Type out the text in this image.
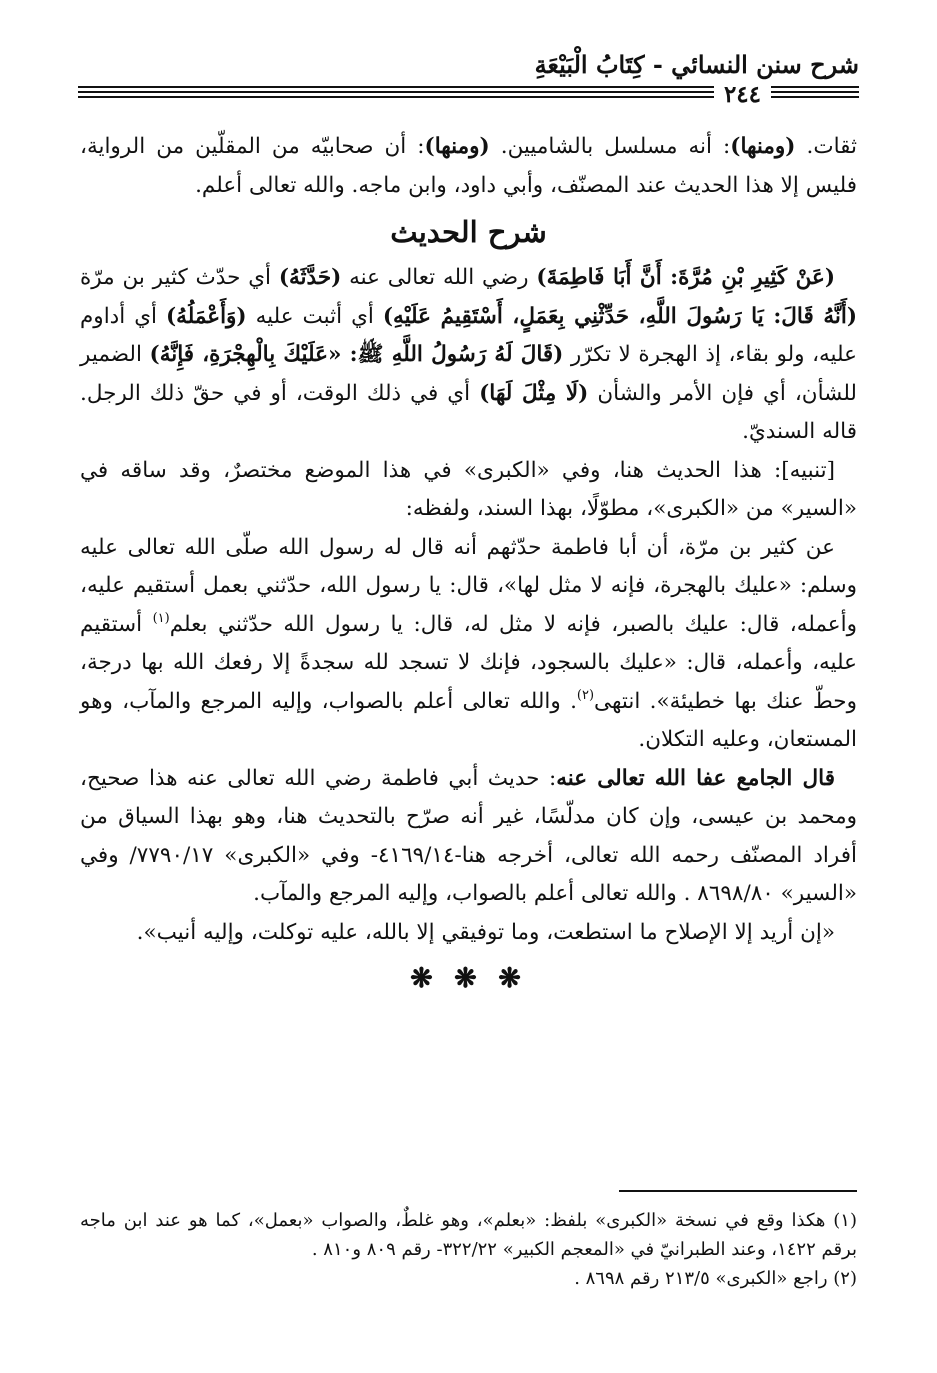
شرح سنن النسائي - كِتَابُ الْبَيْعَةِ
٢٤٤

ثقات. (ومنها): أنه مسلسل بالشاميين. (ومنها): أن صحابيّه من المقلّين من الرواية، فليس إلا هذا الحديث عند المصنّف، وأبي داود، وابن ماجه. والله تعالى أعلم.

شرح الحديث

(عَنْ كَثِيرِ بْنِ مُرَّةَ: أَنَّ أَبَا فَاطِمَةَ) رضي الله تعالى عنه (حَدَّثَهُ) أي حدّث كثير بن مرّة (أَنَّهُ قَالَ: يَا رَسُولَ اللَّهِ، حَدِّثْنِي بِعَمَلٍ، أَسْتَقِيمُ عَلَيْهِ) أي أثبت عليه (وَأَعْمَلُهُ) أي أداوم عليه، ولو بقاء، إذ الهجرة لا تكرّر (قَالَ لَهُ رَسُولُ اللَّهِ ﷺ: «عَلَيْكَ بِالْهِجْرَةِ، فَإِنَّهُ) الضمير للشأن، أي فإن الأمر والشأن (لَا مِثْلَ لَهَا) أي في ذلك الوقت، أو في حقّ ذلك الرجل. قاله السنديّ.

[تنبيه]: هذا الحديث هنا، وفي «الكبرى» في هذا الموضع مختصرٌ، وقد ساقه في «السير» من «الكبرى»، مطوّلًا، بهذا السند، ولفظه:

عن كثير بن مرّة، أن أبا فاطمة حدّثهم أنه قال له رسول الله صلّى الله تعالى عليه وسلم: «عليك بالهجرة، فإنه لا مثل لها»، قال: يا رسول الله، حدّثني بعمل أستقيم عليه، وأعمله، قال: عليك بالصبر، فإنه لا مثل له، قال: يا رسول الله حدّثني بعلم$^{(١)}$ أستقيم عليه، وأعمله، قال: «عليك بالسجود، فإنك لا تسجد لله سجدةً إلا رفعك الله بها درجة، وحطّ عنك بها خطيئة». انتهى$^{(٢)}$. والله تعالى أعلم بالصواب، وإليه المرجع والمآب، وهو المستعان، وعليه التكلان.

قال الجامع عفا الله تعالى عنه: حديث أبي فاطمة رضي الله تعالى عنه هذا صحيح، ومحمد بن عيسى، وإن كان مدلّسًا، غير أنه صرّح بالتحديث هنا، وهو بهذا السياق من أفراد المصنّف رحمه الله تعالى، أخرجه هنا-٤١٦٩/١٤- وفي «الكبرى» ٧٧٩٠/١٧/ وفي «السير» ٨٦٩٨/٨٠ . والله تعالى أعلم بالصواب، وإليه المرجع والمآب.

«إن أريد إلا الإصلاح ما استطعت، وما توفيقي إلا بالله، عليه توكلت، وإليه أنيب».

❋ ❋ ❋

(١) هكذا وقع في نسخة «الكبرى» بلفظ: «بعلم»، وهو غلطٌ، والصواب «بعمل»، كما هو عند ابن ماجه برقم ١٤٢٢، وعند الطبرانيّ في «المعجم الكبير» ٣٢٢/٢٢- رقم ٨٠٩ و٨١٠ .

(٢) راجع «الكبرى» ٢١٣/٥ رقم ٨٦٩٨ .
